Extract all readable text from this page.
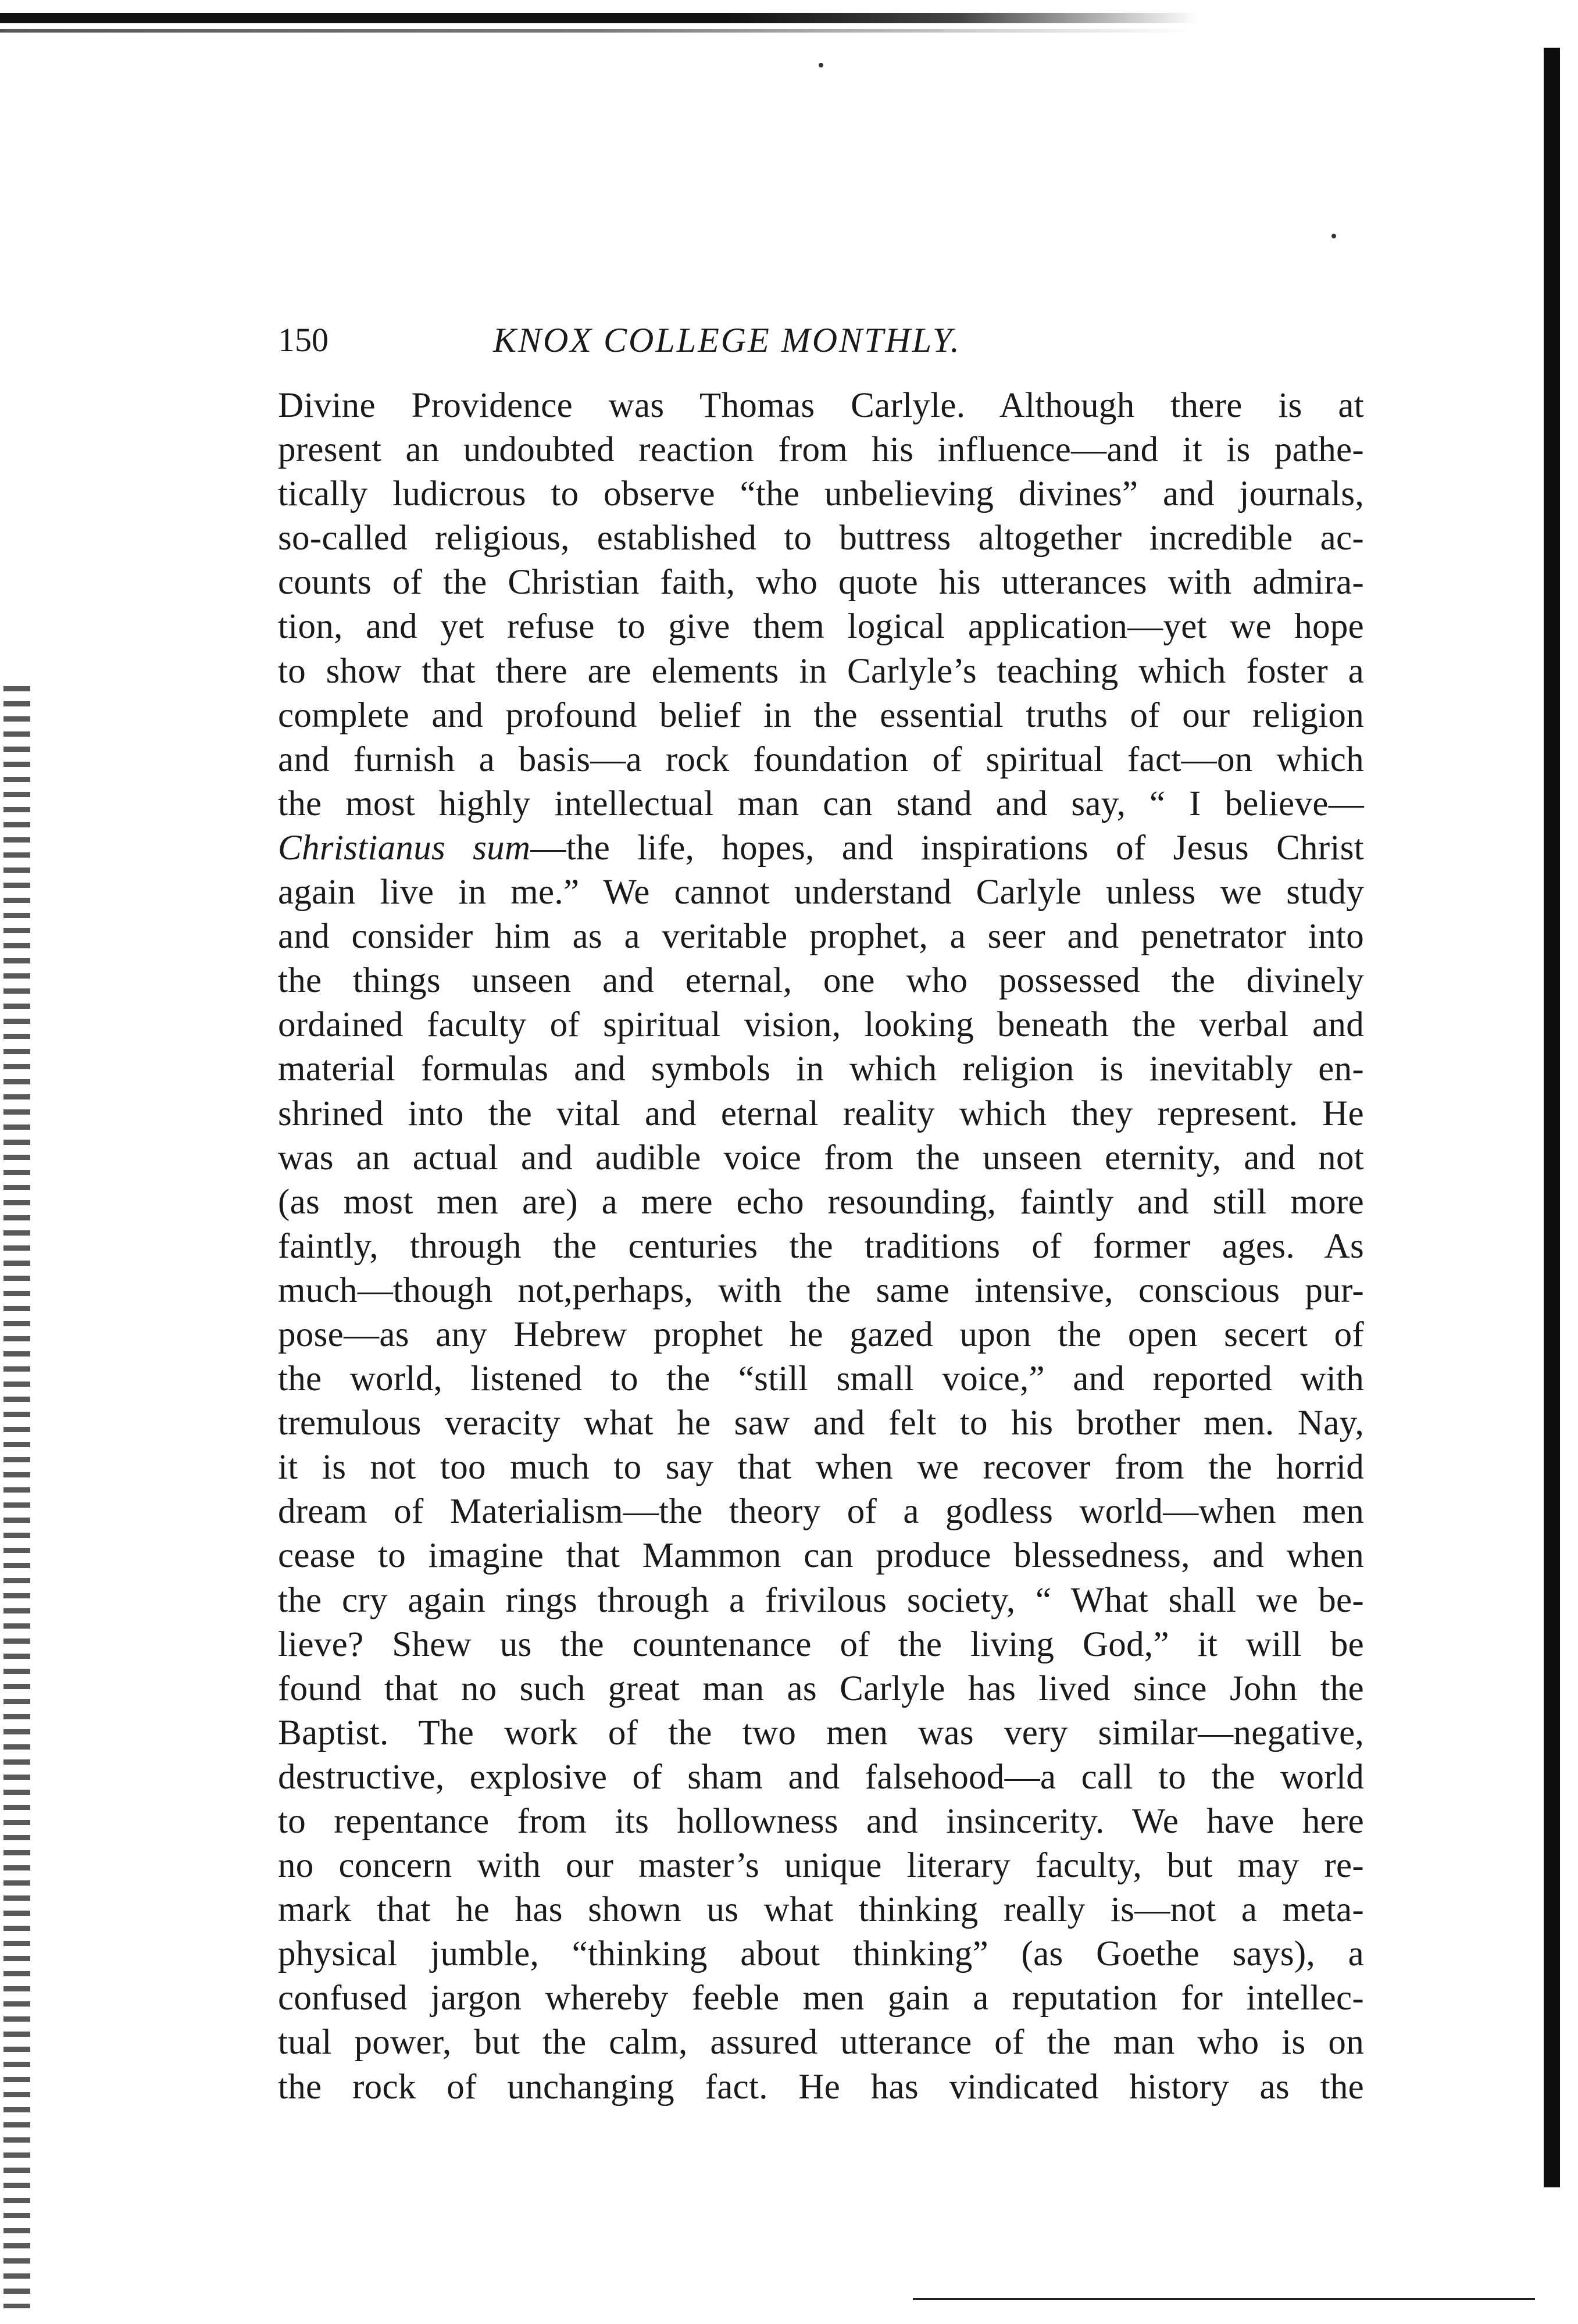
150	KNOX COLLEGE MONTHLY.
Divine Providence was Thomas Carlyle. Although there is at
present an undoubted reaction from his influence—and it is pathe-
tically ludicrous to observe “the unbelieving divines” and journals,
so-called religious, established to buttress altogether incredible ac-
counts of the Christian faith, who quote his utterances with admira-
tion, and yet refuse to give them logical application—yet we hope
to show that there are elements in Carlyle’s teaching which foster a
complete and profound belief in the essential truths of our religion
and furnish a basis—a rock foundation of spiritual fact—on which
the most highly intellectual man can stand and say, “ I believe—
Christianus sum—the life, hopes, and inspirations of Jesus Christ
again live in me.” We cannot understand Carlyle unless we study
and consider him as a veritable prophet, a seer and penetrator into
the things unseen and eternal, one who possessed the divinely
ordained faculty of spiritual vision, looking beneath the verbal and
material formulas and symbols in which religion is inevitably en-
shrined into the vital and eternal reality which they represent. He
was an actual and audible voice from the unseen eternity, and not
(as most men are) a mere echo resounding, faintly and still more
faintly, through the centuries the traditions of former ages. As
much—though not,perhaps, with the same intensive, conscious pur-
pose—as any Hebrew prophet he gazed upon the open secert of
the world, listened to the “still small voice,” and reported with
tremulous veracity what he saw and felt to his brother men. Nay,
it is not too much to say that when we recover from the horrid
dream of Materialism—the theory of a godless world—when men
cease to imagine that Mammon can produce blessedness, and when
the cry again rings through a frivilous society, “ What shall we be-
lieve? Shew us the countenance of the living God,” it will be
found that no such great man as Carlyle has lived since John the
Baptist. The work of the two men was very similar—negative,
destructive, explosive of sham and falsehood—a call to the world
to repentance from its hollowness and insincerity. We have here
no concern with our master’s unique literary faculty, but may re-
mark that he has shown us what thinking really is—not a meta-
physical jumble, “thinking about thinking” (as Goethe says), a
confused jargon whereby feeble men gain a reputation for intellec-
tual power, but the calm, assured utterance of the man who is on
the rock of unchanging fact. He has vindicated history as the
